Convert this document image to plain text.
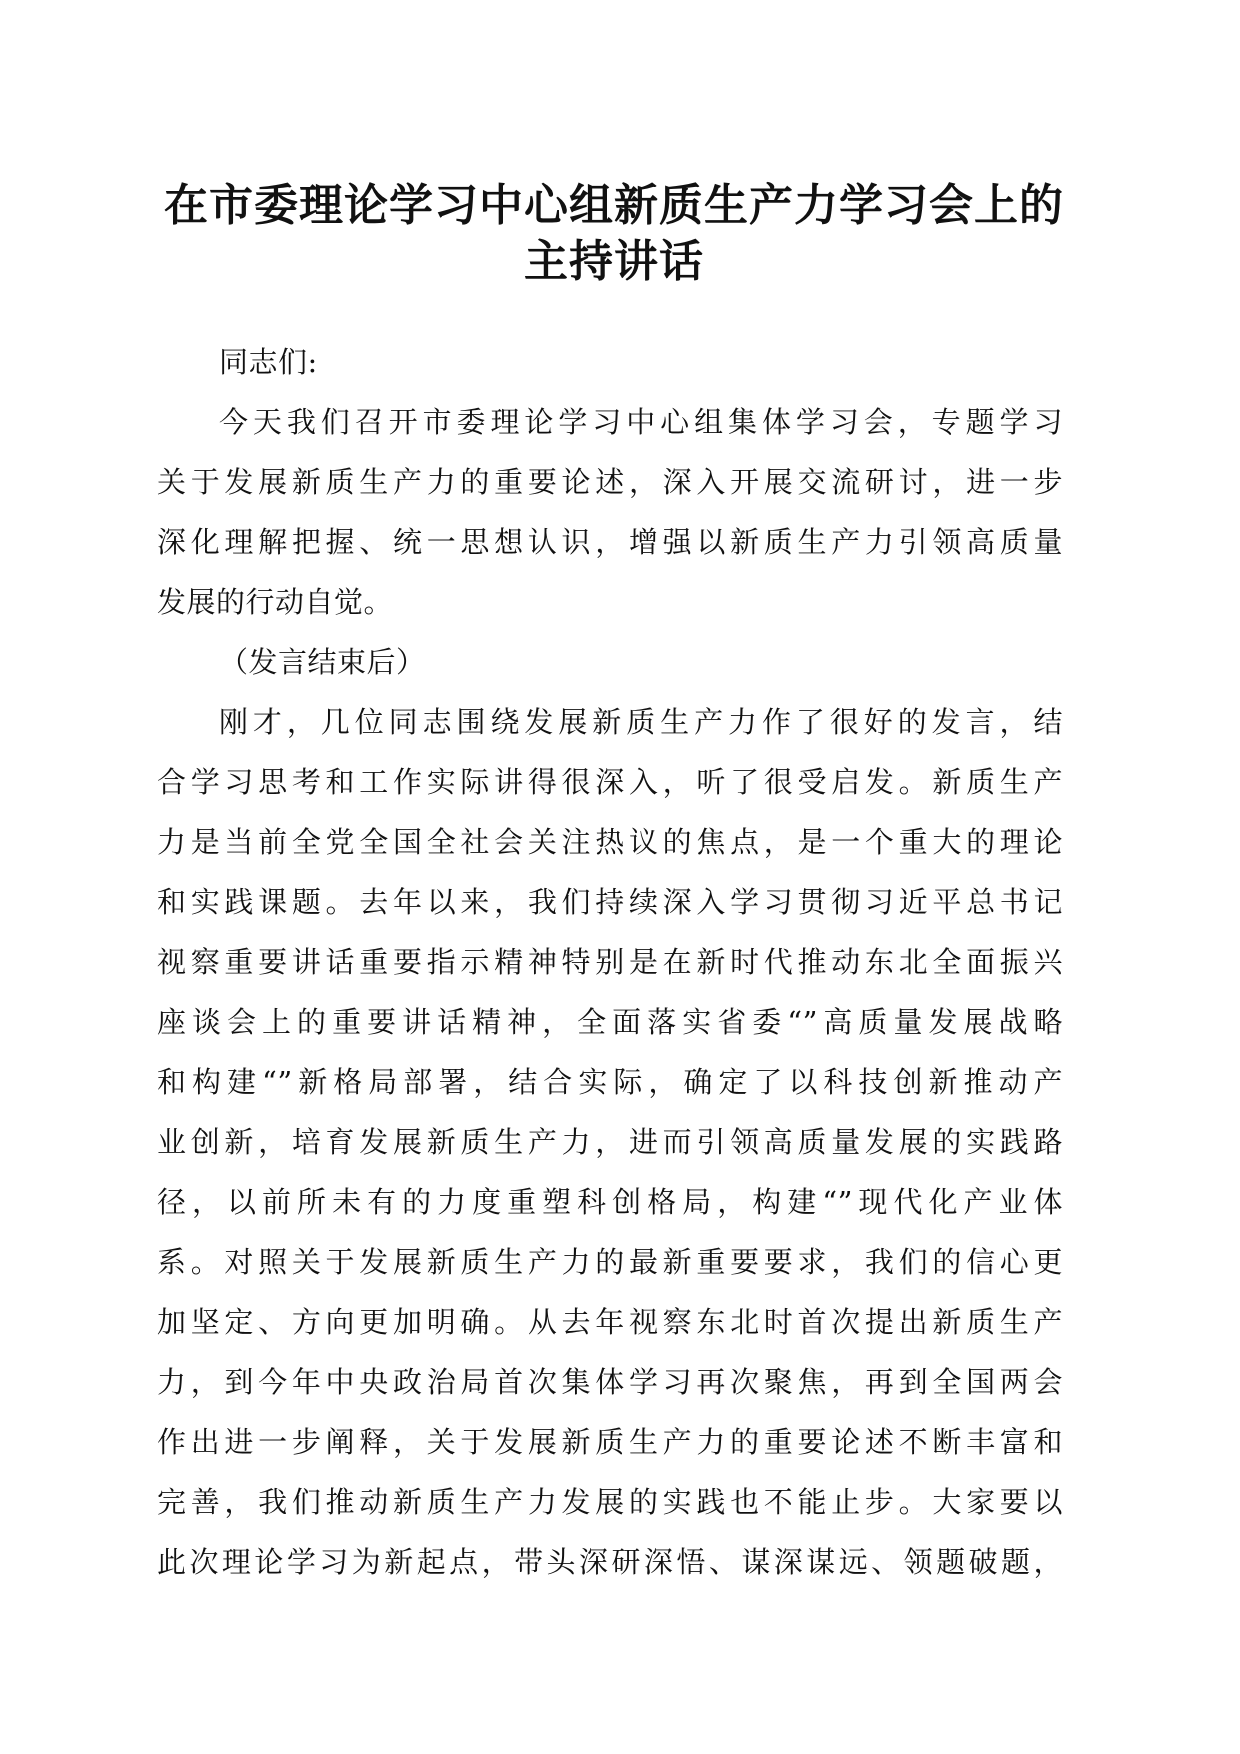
在市委理论学习中心组新质生产力学习会上的
主持讲话
同志们:
今天我们召开市委理论学习中心组集体学习会，专题学习
关于发展新质生产力的重要论述，深入开展交流研讨，进一步
深化理解把握、统一思想认识，增强以新质生产力引领高质量
发展的行动自觉。
（发言结束后）
刚才，几位同志围绕发展新质生产力作了很好的发言，结
合学习思考和工作实际讲得很深入，听了很受启发。新质生产
力是当前全党全国全社会关注热议的焦点，是一个重大的理论
和实践课题。去年以来，我们持续深入学习贯彻习近平总书记
视察重要讲话重要指示精神特别是在新时代推动东北全面振兴
座谈会上的重要讲话精神，全面落实省委“”高质量发展战略
和构建“”新格局部署，结合实际，确定了以科技创新推动产
业创新，培育发展新质生产力，进而引领高质量发展的实践路
径，以前所未有的力度重塑科创格局，构建“”现代化产业体
系。对照关于发展新质生产力的最新重要要求，我们的信心更
加坚定、方向更加明确。从去年视察东北时首次提出新质生产
力，到今年中央政治局首次集体学习再次聚焦，再到全国两会
作出进一步阐释，关于发展新质生产力的重要论述不断丰富和
完善，我们推动新质生产力发展的实践也不能止步。大家要以
此次理论学习为新起点，带头深研深悟、谋深谋远、领题破题，
